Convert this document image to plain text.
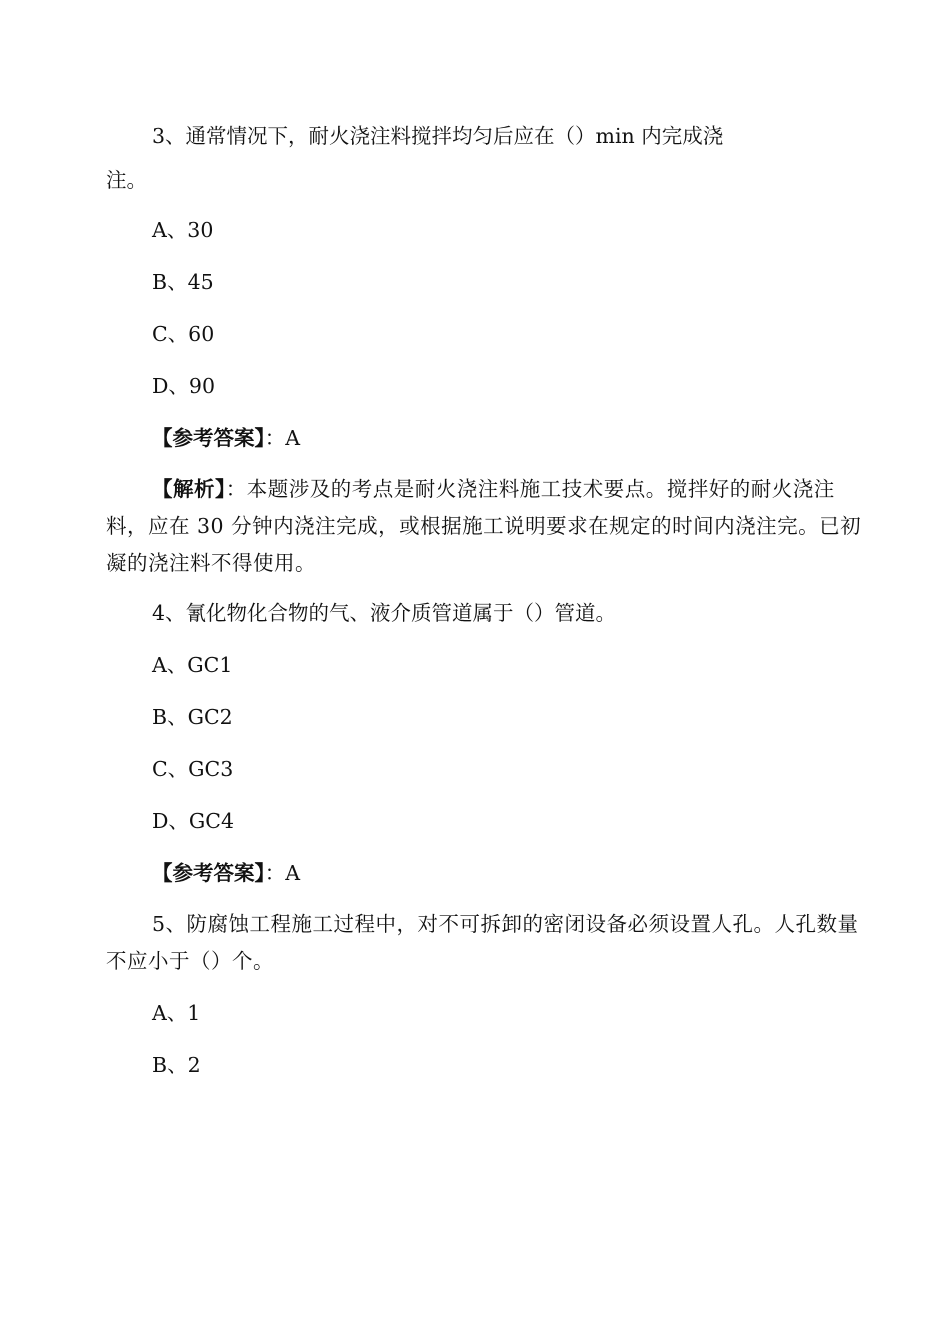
3、通常情况下，耐火浇注料搅拌均匀后应在（）min 内完成浇
注。
A、30
B、45
C、60
D、90
【参考答案】：A
【解析】：本题涉及的考点是耐火浇注料施工技术要点。搅拌好的耐火浇注料，应在 30 分钟内浇注完成，或根据施工说明要求在规定的时间内浇注完。已初凝的浇注料不得使用。
4、氰化物化合物的气、液介质管道属于（）管道。
A、GC1
B、GC2
C、GC3
D、GC4
【参考答案】：A
5、防腐蚀工程施工过程中，对不可拆卸的密闭设备必须设置人孔。人孔数量不应小于（）个。
A、1
B、2
